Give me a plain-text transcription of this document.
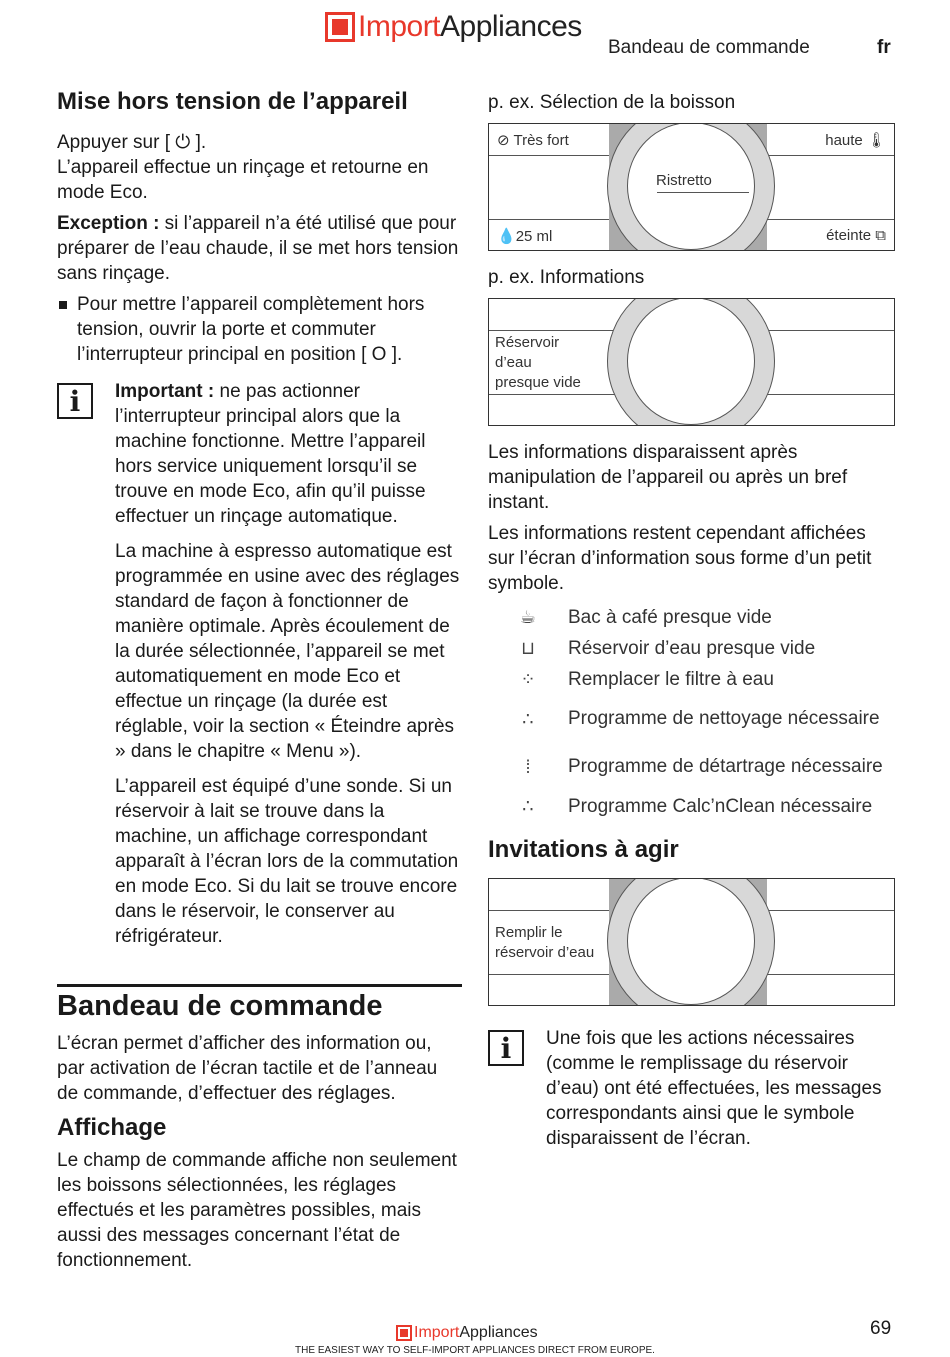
Import Appliances
Bandeau de commande	fr
Mise hors tension de l’appareil

Appuyer sur [ ⏻ ].
L’appareil effectue un rinçage et retourne en mode Eco.

Exception : si l’appareil n’a été utilisé que pour préparer de l’eau chaude, il se met hors tension sans rinçage.

Pour mettre l’appareil complètement hors tension, ouvrir la porte et commuter l’interrupteur principal en position [ O ].
i	Important : ne pas actionner l’interrupteur principal alors que la machine fonctionne. Mettre l’appareil hors service uniquement lorsqu’il se trouve en mode Eco, afin qu’il puisse effectuer un rinçage automatique.

La machine à espresso automatique est programmée en usine avec des réglages standard de façon à fonctionner de manière optimale. Après écoulement de la durée sélectionnée, l’appareil se met automatiquement en mode Eco et effectue un rinçage (la durée est réglable, voir la section « Éteindre après » dans le chapitre « Menu »).

L’appareil est équipé d’une sonde. Si un réservoir à lait se trouve dans la machine, un affichage correspondant apparaît à l’écran lors de la commutation en mode Eco. Si du lait se trouve encore dans le réservoir, le conserver au réfrigérateur.

Bandeau de commande

L’écran permet d’afficher des information ou, par activation de l’écran tactile et de l’anneau de commande, d’effectuer des réglages.

Affichage

Le champ de commande affiche non seulement les boissons sélectionnées, les réglages effectués et les paramètres possibles, mais aussi des messages concernant l’état de fonctionnement.

p. ex. Sélection de la boisson
⊘ Très fort	haute 🌡
Ristretto
💧25 ml	éteinte ⧉
p. ex. Informations
Réservoir
d’eau
presque vide

Les informations disparaissent après manipulation de l’appareil ou après un bref instant.

Les informations restent cependant affichées sur l’écran d’information sous forme d’un petit symbole.

☕	Bac à café presque vide
⊔	Réservoir d’eau presque vide
⁘	Remplacer le filtre à eau
∴	Programme de nettoyage nécessaire
⁞	Programme de détartrage nécessaire
∴	Programme Calc’nClean nécessaire
Invitations à agir
Remplir le
réservoir d’eau
i	Une fois que les actions nécessaires (comme le remplissage du réservoir d’eau) ont été effectuées, les messages correspondants ainsi que le symbole disparaissent de l’écran.

69
Import Appliances
THE EASIEST WAY TO SELF-IMPORT APPLIANCES DIRECT FROM EUROPE.
